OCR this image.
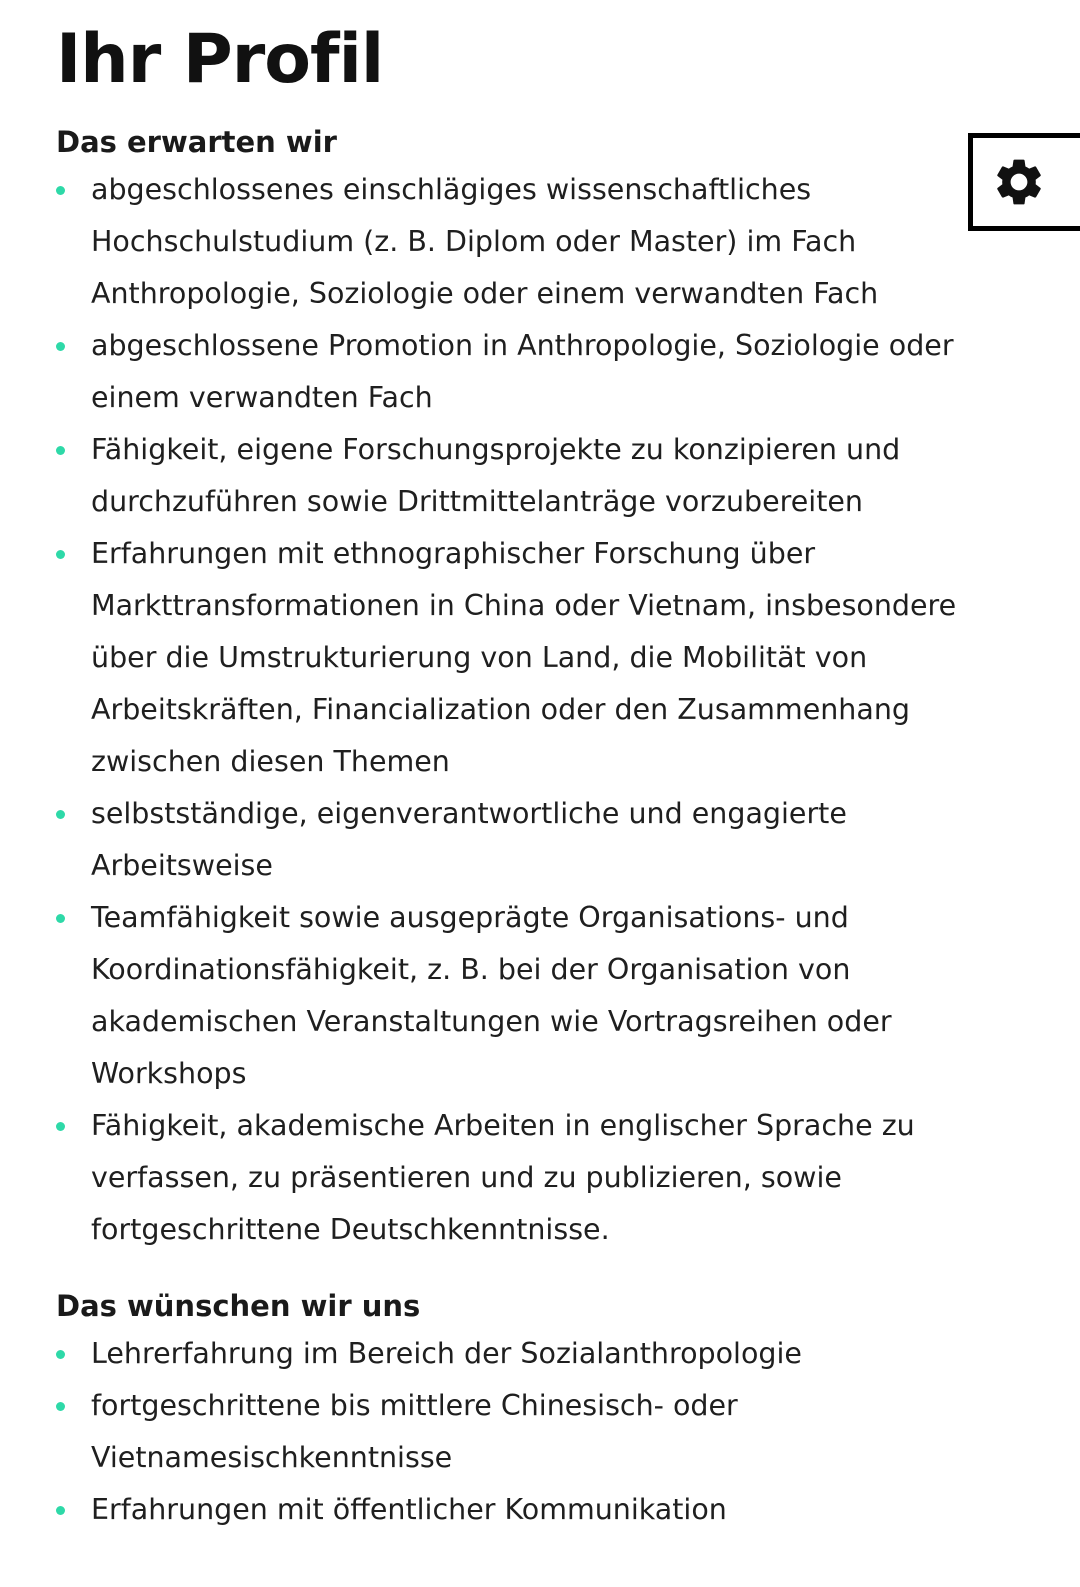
Ihr Profil
Das erwarten wir
abgeschlossenes einschlägiges wissenschaftliches Hochschulstudium (z. B. Diplom oder Master) im Fach Anthropologie, Soziologie oder einem verwandten Fach
abgeschlossene Promotion in Anthropologie, Soziologie oder einem verwandten Fach
Fähigkeit, eigene Forschungsprojekte zu konzipieren und durchzuführen sowie Drittmittelanträge vorzubereiten
Erfahrungen mit ethnographischer Forschung über Markttransformationen in China oder Vietnam, insbesondere über die Umstrukturierung von Land, die Mobilität von Arbeitskräften, Financialization oder den Zusammenhang zwischen diesen Themen
selbstständige, eigenverantwortliche und engagierte Arbeitsweise
Teamfähigkeit sowie ausgeprägte Organisations- und Koordinationsfähigkeit, z. B. bei der Organisation von akademischen Veranstaltungen wie Vortragsreihen oder Workshops
Fähigkeit, akademische Arbeiten in englischer Sprache zu verfassen, zu präsentieren und zu publizieren, sowie fortgeschrittene Deutschkenntnisse.
Das wünschen wir uns
Lehrerfahrung im Bereich der Sozialanthropologie
fortgeschrittene bis mittlere Chinesisch- oder Vietnamesischkenntnisse
Erfahrungen mit öffentlicher Kommunikation
